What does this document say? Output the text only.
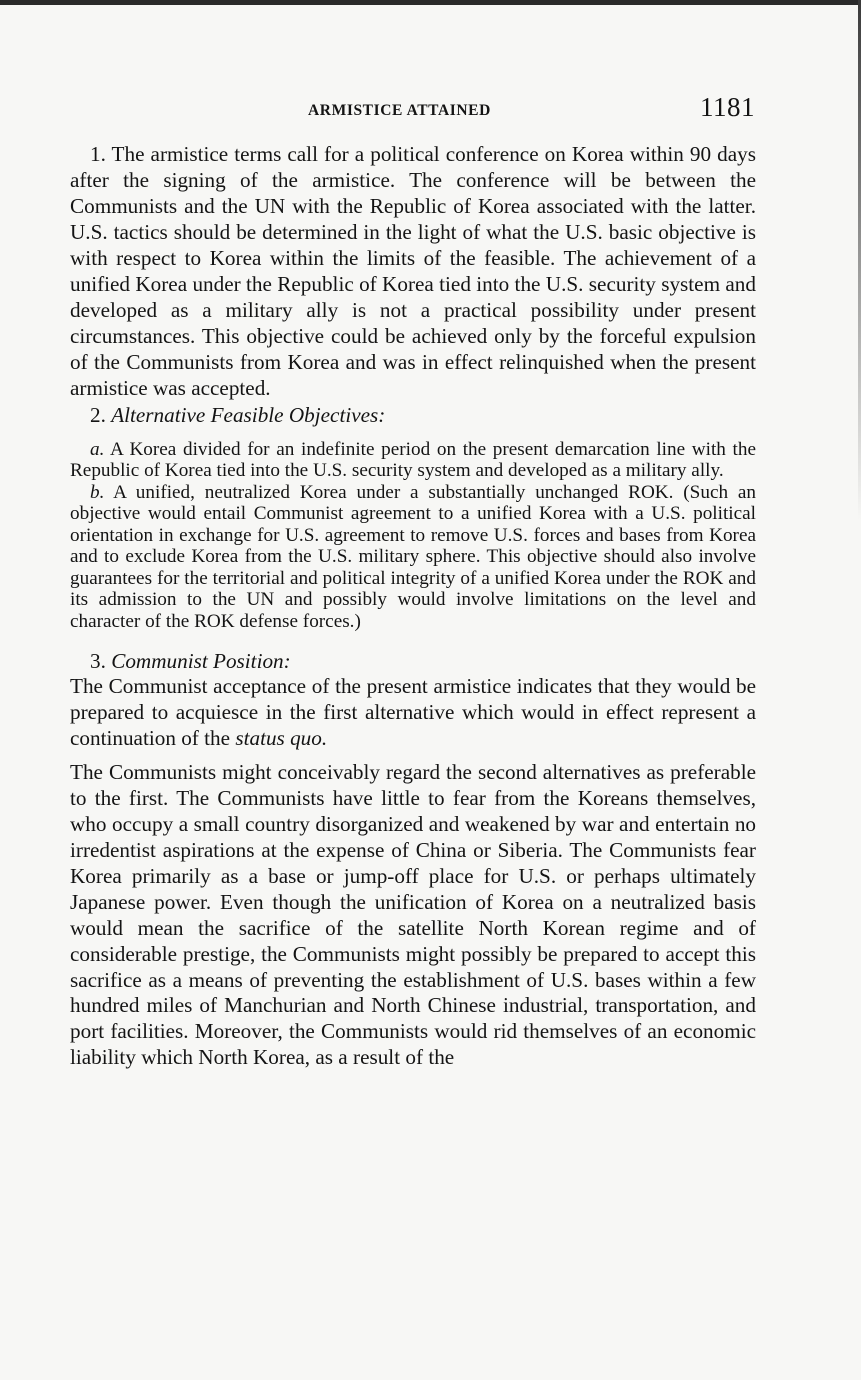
ARMISTICE ATTAINED	1181

1. The armistice terms call for a political conference on Korea within 90 days after the signing of the armistice. The conference will be between the Communists and the UN with the Republic of Korea associated with the latter. U.S. tactics should be determined in the light of what the U.S. basic objective is with respect to Korea within the limits of the feasible. The achievement of a unified Korea under the Republic of Korea tied into the U.S. security system and developed as a military ally is not a practical possibility under present circumstances. This objective could be achieved only by the forceful expulsion of the Communists from Korea and was in effect relinquished when the present armistice was accepted.

2. Alternative Feasible Objectives:

a. A Korea divided for an indefinite period on the present demarcation line with the Republic of Korea tied into the U.S. security system and developed as a military ally.

b. A unified, neutralized Korea under a substantially unchanged ROK. (Such an objective would entail Communist agreement to a unified Korea with a U.S. political orientation in exchange for U.S. agreement to remove U.S. forces and bases from Korea and to exclude Korea from the U.S. military sphere. This objective should also involve guarantees for the territorial and political integrity of a unified Korea under the ROK and its admission to the UN and possibly would involve limitations on the level and character of the ROK defense forces.)

3. Communist Position:

The Communist acceptance of the present armistice indicates that they would be prepared to acquiesce in the first alternative which would in effect represent a continuation of the status quo.

The Communists might conceivably regard the second alternatives as preferable to the first. The Communists have little to fear from the Koreans themselves, who occupy a small country disorganized and weakened by war and entertain no irredentist aspirations at the expense of China or Siberia. The Communists fear Korea primarily as a base or jump-off place for U.S. or perhaps ultimately Japanese power. Even though the unification of Korea on a neutralized basis would mean the sacrifice of the satellite North Korean regime and of considerable prestige, the Communists might possibly be prepared to accept this sacrifice as a means of preventing the establishment of U.S. bases within a few hundred miles of Manchurian and North Chinese industrial, transportation, and port facilities. Moreover, the Communists would rid themselves of an economic liability which North Korea, as a result of the
